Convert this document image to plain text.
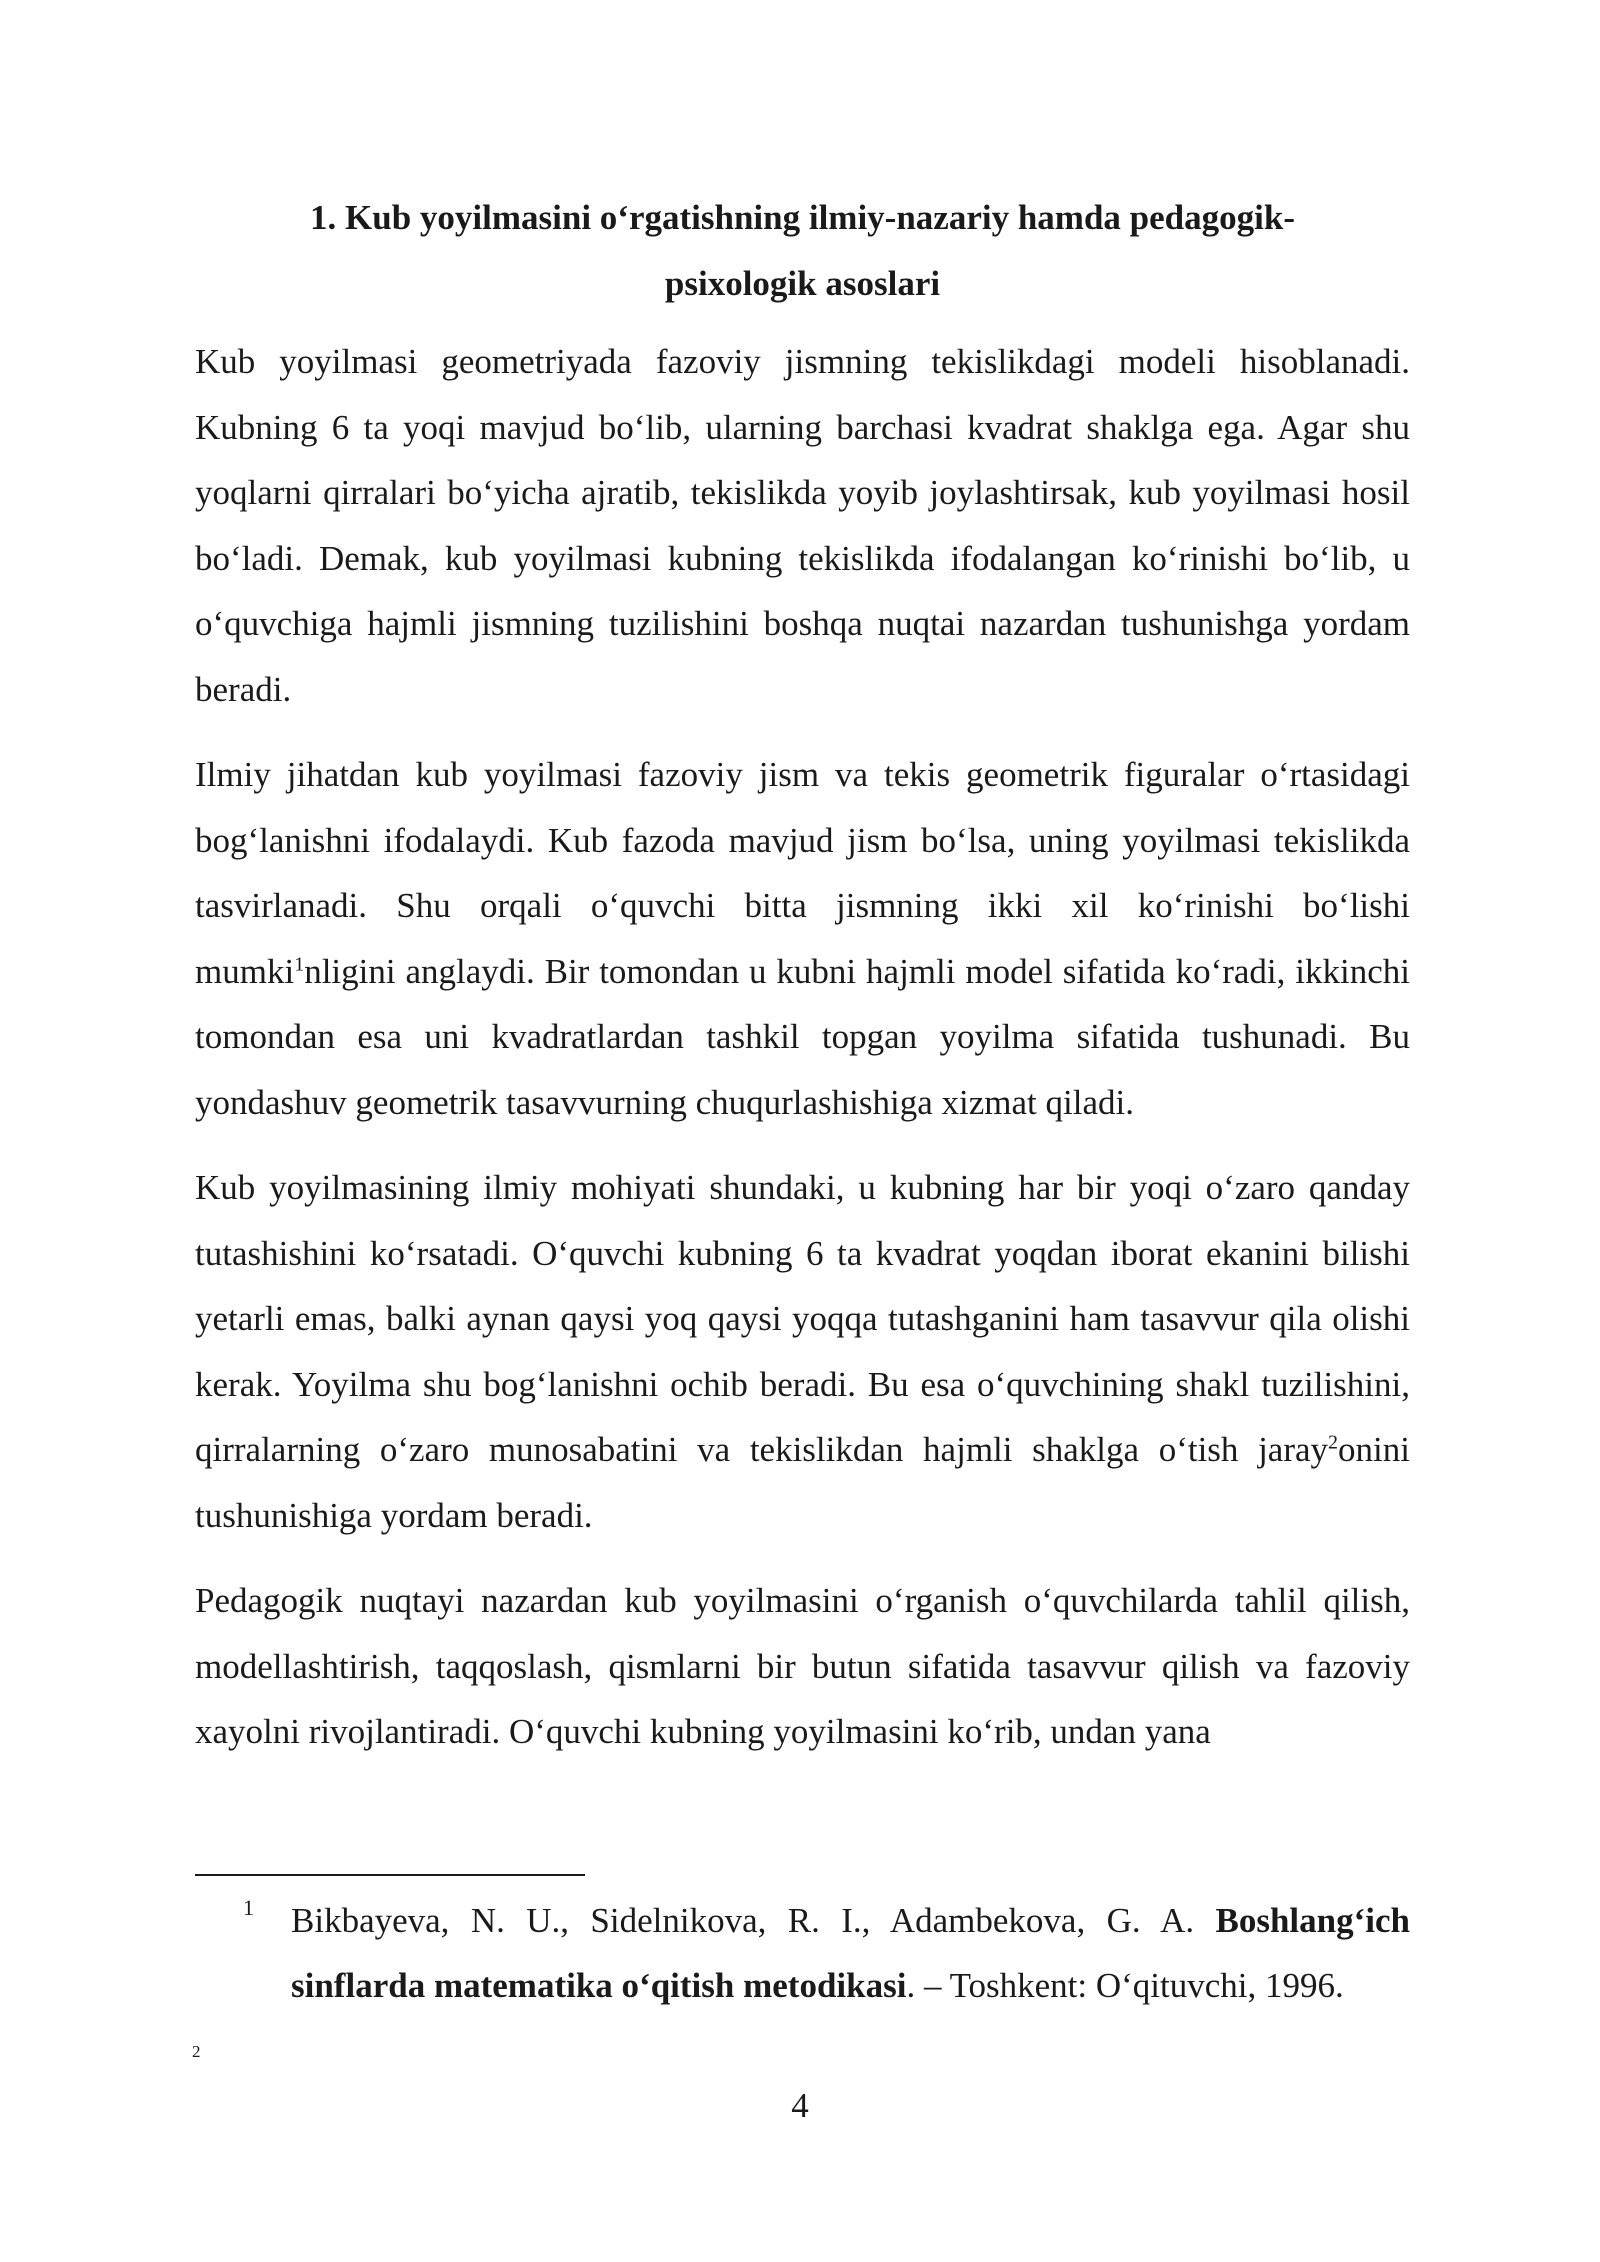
1. Kub yoyilmasini o‘rgatishning ilmiy-nazariy hamda pedagogik-
psixologik asoslari

Kub yoyilmasi geometriyada fazoviy jismning tekislikdagi modeli hisoblanadi. Kubning 6 ta yoqi mavjud bo‘lib, ularning barchasi kvadrat shaklga ega. Agar shu yoqlarni qirralari bo‘yicha ajratib, tekislikda yoyib joylashtirsak, kub yoyilmasi hosil bo‘ladi. Demak, kub yoyilmasi kubning tekislikda ifodalangan ko‘rinishi bo‘lib, u o‘quvchiga hajmli jismning tuzilishini boshqa nuqtai nazardan tushunishga yordam beradi.

Ilmiy jihatdan kub yoyilmasi fazoviy jism va tekis geometrik figuralar o‘rtasidagi bog‘lanishni ifodalaydi. Kub fazoda mavjud jism bo‘lsa, uning yoyilmasi tekislikda tasvirlanadi. Shu orqali o‘quvchi bitta jismning ikki xil ko‘rinishi bo‘lishi mumki$^1$nligini anglaydi. Bir tomondan u kubni hajmli model sifatida ko‘radi, ikkinchi tomondan esa uni kvadratlardan tashkil topgan yoyilma sifatida tushunadi. Bu yondashuv geometrik tasavvurning chuqurlashishiga xizmat qiladi.

Kub yoyilmasining ilmiy mohiyati shundaki, u kubning har bir yoqi o‘zaro qanday tutashishini ko‘rsatadi. O‘quvchi kubning 6 ta kvadrat yoqdan iborat ekanini bilishi yetarli emas, balki aynan qaysi yoq qaysi yoqqa tutashganini ham tasavvur qila olishi kerak. Yoyilma shu bog‘lanishni ochib beradi. Bu esa o‘quvchining shakl tuzilishini, qirralarning o‘zaro munosabatini va tekislikdan hajmli shaklga o‘tish jaray$^2$onini tushunishiga yordam beradi.

Pedagogik nuqtayi nazardan kub yoyilmasini o‘rganish o‘quvchilarda tahlil qilish, modellashtirish, taqqoslash, qismlarni bir butun sifatida tasavvur qilish va fazoviy xayolni rivojlantiradi. O‘quvchi kubning yoyilmasini ko‘rib, undan yana

1	Bikbayeva, N. U., Sidelnikova, R. I., Adambekova, G. A. Boshlang‘ich sinflarda matematika o‘qitish metodikasi. – Toshkent: O‘qituvchi, 1996.
2
4
